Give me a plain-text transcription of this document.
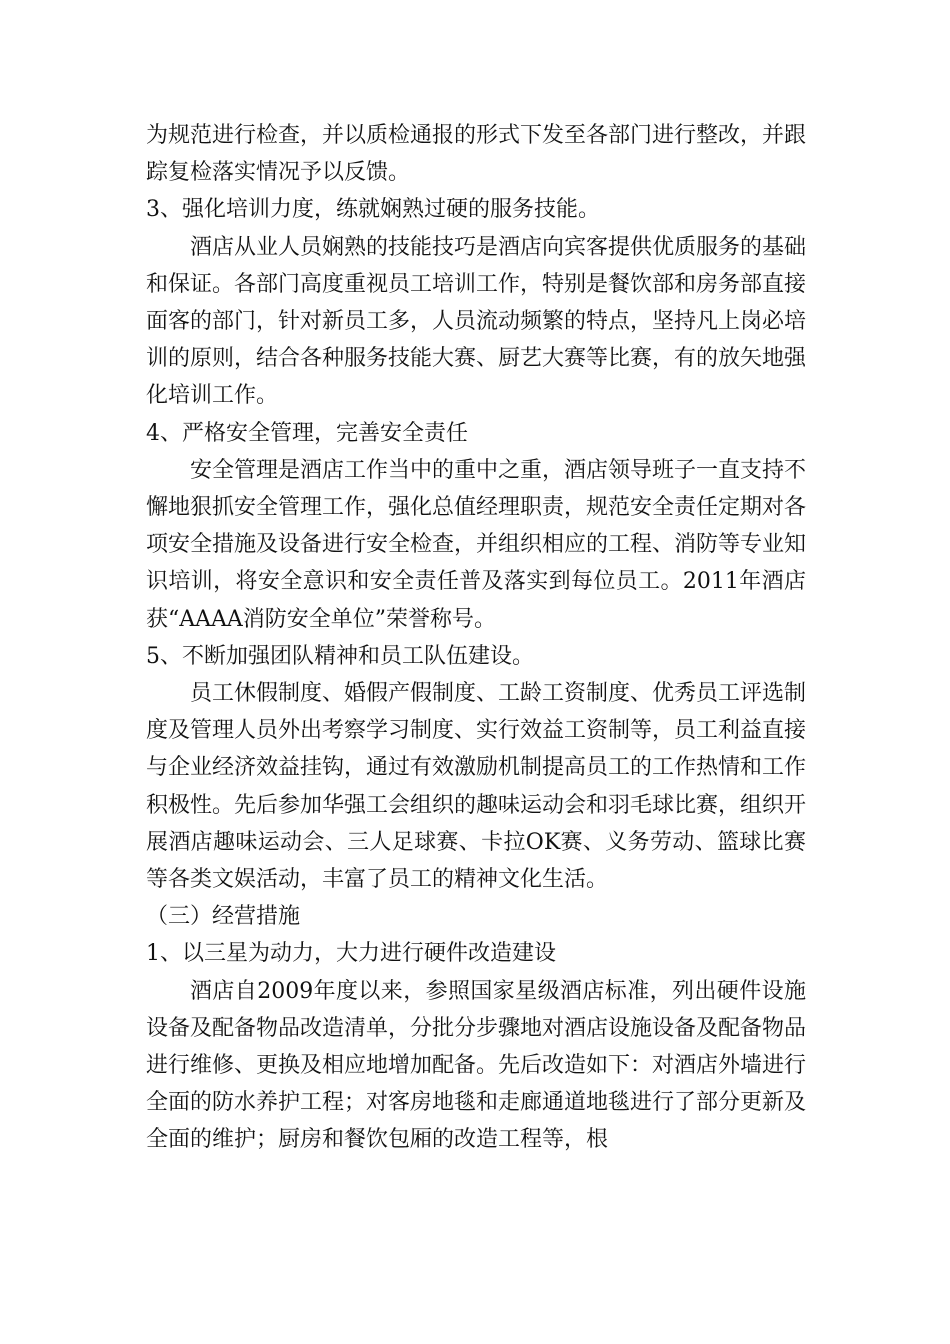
为规范进行检查，并以质检通报的形式下发至各部门进行整改，并跟踪复检落实情况予以反馈。

3、强化培训力度，练就娴熟过硬的服务技能。

酒店从业人员娴熟的技能技巧是酒店向宾客提供优质服务的基础和保证。各部门高度重视员工培训工作，特别是餐饮部和房务部直接面客的部门，针对新员工多，人员流动频繁的特点，坚持凡上岗必培训的原则，结合各种服务技能大赛、厨艺大赛等比赛，有的放矢地强化培训工作。

4、严格安全管理，完善安全责任

安全管理是酒店工作当中的重中之重，酒店领导班子一直支持不懈地狠抓安全管理工作，强化总值经理职责，规范安全责任定期对各项安全措施及设备进行安全检查，并组织相应的工程、消防等专业知识培训，将安全意识和安全责任普及落实到每位员工。2011年酒店获“AAAA消防安全单位”荣誉称号。

5、不断加强团队精神和员工队伍建设。

员工休假制度、婚假产假制度、工龄工资制度、优秀员工评选制度及管理人员外出考察学习制度、实行效益工资制等，员工利益直接与企业经济效益挂钩，通过有效激励机制提高员工的工作热情和工作积极性。先后参加华强工会组织的趣味运动会和羽毛球比赛，组织开展酒店趣味运动会、三人足球赛、卡拉OK赛、义务劳动、篮球比赛等各类文娱活动，丰富了员工的精神文化生活。

（三）经营措施

1、以三星为动力，大力进行硬件改造建设

酒店自2009年度以来，参照国家星级酒店标准，列出硬件设施设备及配备物品改造清单，分批分步骤地对酒店设施设备及配备物品进行维修、更换及相应地增加配备。先后改造如下：对酒店外墙进行全面的防水养护工程；对客房地毯和走廊通道地毯进行了部分更新及全面的维护；厨房和餐饮包厢的改造工程等，根
